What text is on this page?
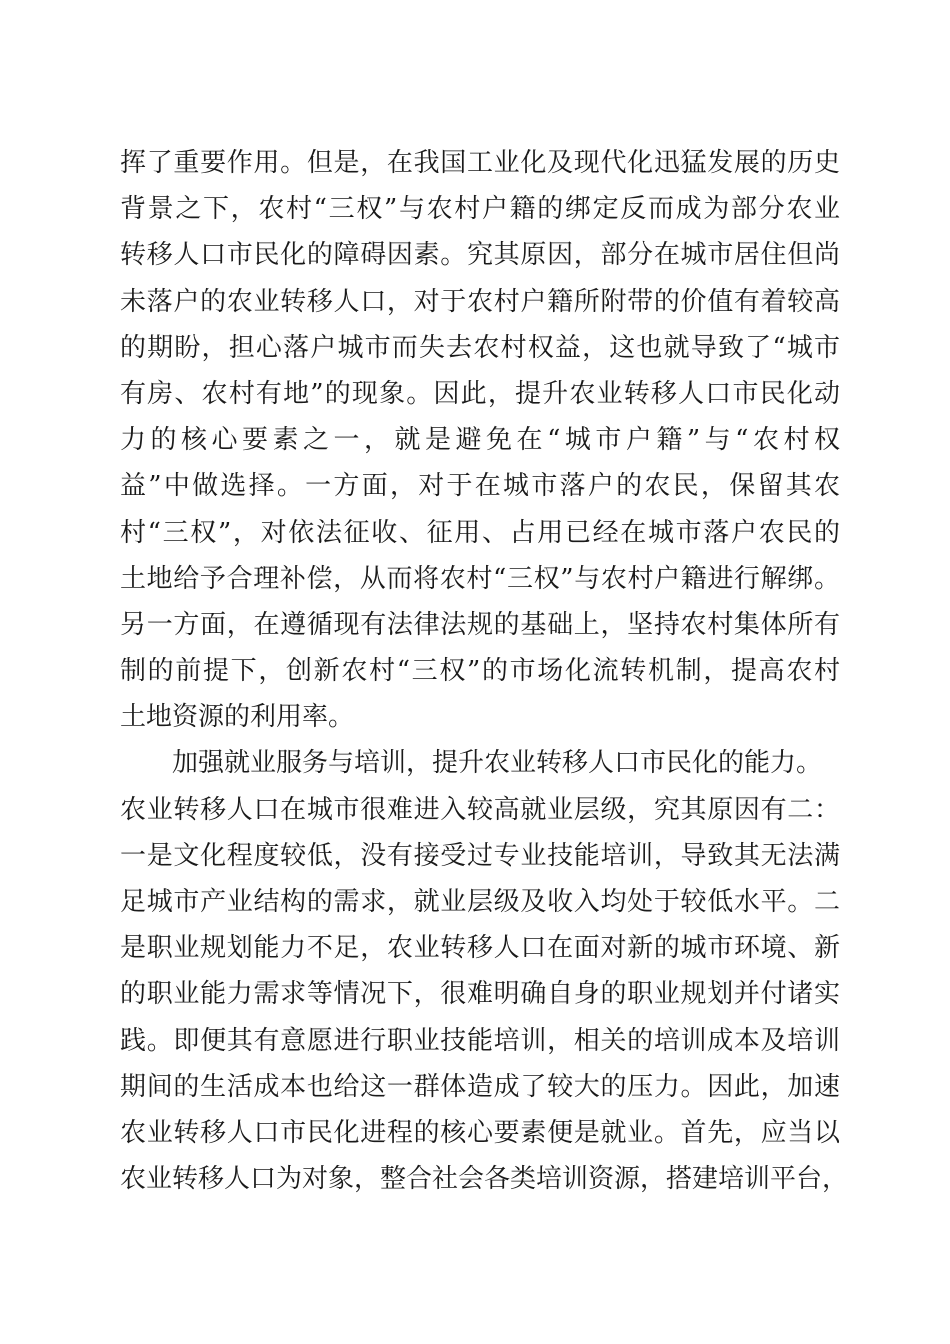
挥了重要作用。但是，在我国工业化及现代化迅猛发展的历史
背景之下，农村“三权”与农村户籍的绑定反而成为部分农业
转移人口市民化的障碍因素。究其原因，部分在城市居住但尚
未落户的农业转移人口，对于农村户籍所附带的价值有着较高
的期盼，担心落户城市而失去农村权益，这也就导致了“城市
有房、农村有地”的现象。因此，提升农业转移人口市民化动
力的核心要素之一，就是避免在“城市户籍”与“农村权
益”中做选择。一方面，对于在城市落户的农民，保留其农
村“三权”，对依法征收、征用、占用已经在城市落户农民的
土地给予合理补偿，从而将农村“三权”与农村户籍进行解绑。
另一方面，在遵循现有法律法规的基础上，坚持农村集体所有
制的前提下，创新农村“三权”的市场化流转机制，提高农村
土地资源的利用率。
加强就业服务与培训，提升农业转移人口市民化的能力。
农业转移人口在城市很难进入较高就业层级，究其原因有二：
一是文化程度较低，没有接受过专业技能培训，导致其无法满
足城市产业结构的需求，就业层级及收入均处于较低水平。二
是职业规划能力不足，农业转移人口在面对新的城市环境、新
的职业能力需求等情况下，很难明确自身的职业规划并付诸实
践。即便其有意愿进行职业技能培训，相关的培训成本及培训
期间的生活成本也给这一群体造成了较大的压力。因此，加速
农业转移人口市民化进程的核心要素便是就业。首先，应当以
农业转移人口为对象，整合社会各类培训资源，搭建培训平台，
